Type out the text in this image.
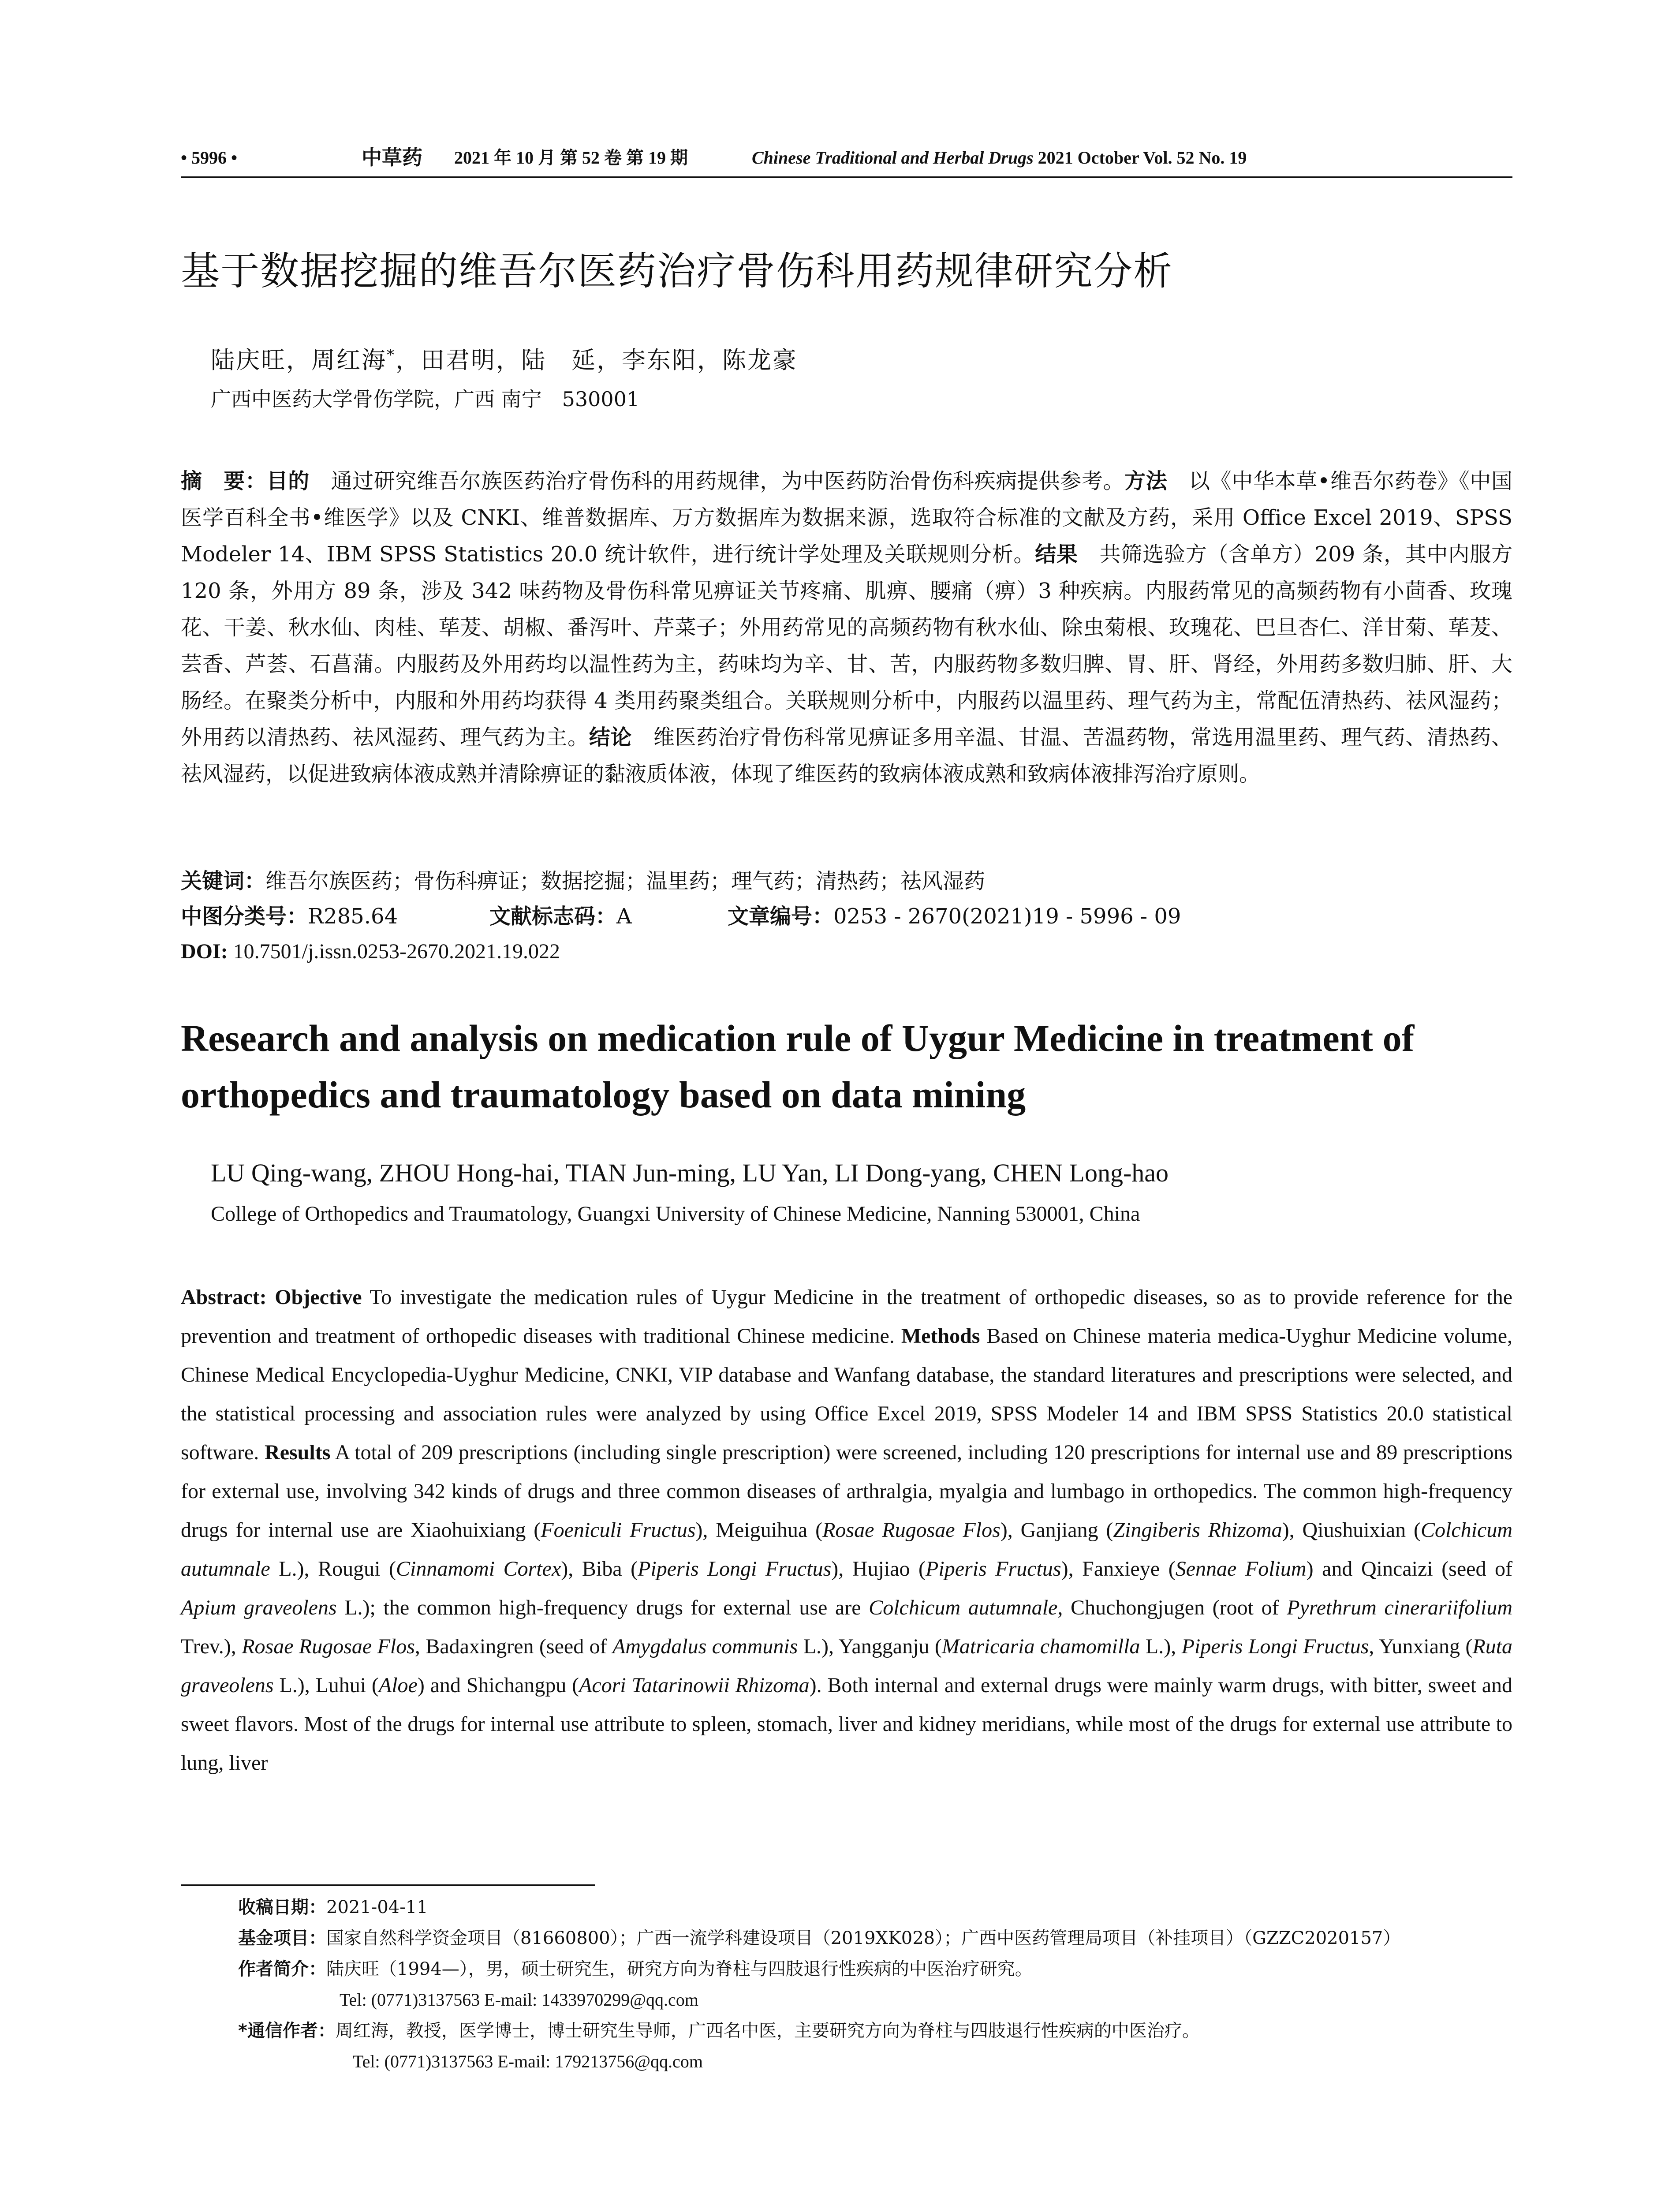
• 5996 •	中草药 2021 年 10 月 第 52 卷 第 19 期	Chinese Traditional and Herbal Drugs 2021 October Vol. 52 No. 19
基于数据挖掘的维吾尔医药治疗骨伤科用药规律研究分析
陆庆旺，周红海*，田君明，陆　延，李东阳，陈龙豪
广西中医药大学骨伤学院，广西 南宁　530001
摘　要：目的　通过研究维吾尔族医药治疗骨伤科的用药规律，为中医药防治骨伤科疾病提供参考。方法　以《中华本草•维吾尔药卷》《中国医学百科全书•维医学》以及 CNKI、维普数据库、万方数据库为数据来源，选取符合标准的文献及方药，采用 Office Excel 2019、SPSS Modeler 14、IBM SPSS Statistics 20.0 统计软件，进行统计学处理及关联规则分析。结果　共筛选验方（含单方）209 条，其中内服方 120 条，外用方 89 条，涉及 342 味药物及骨伤科常见痹证关节疼痛、肌痹、腰痛（痹）3 种疾病。内服药常见的高频药物有小茴香、玫瑰花、干姜、秋水仙、肉桂、荜茇、胡椒、番泻叶、芹菜子；外用药常见的高频药物有秋水仙、除虫菊根、玫瑰花、巴旦杏仁、洋甘菊、荜茇、芸香、芦荟、石菖蒲。内服药及外用药均以温性药为主，药味均为辛、甘、苦，内服药物多数归脾、胃、肝、肾经，外用药多数归肺、肝、大肠经。在聚类分析中，内服和外用药均获得 4 类用药聚类组合。关联规则分析中，内服药以温里药、理气药为主，常配伍清热药、祛风湿药；外用药以清热药、祛风湿药、理气药为主。结论　维医药治疗骨伤科常见痹证多用辛温、甘温、苦温药物，常选用温里药、理气药、清热药、祛风湿药，以促进致病体液成熟并清除痹证的黏液质体液，体现了维医药的致病体液成熟和致病体液排泻治疗原则。
关键词：维吾尔族医药；骨伤科痹证；数据挖掘；温里药；理气药；清热药；祛风湿药
中图分类号：R285.64	文献标志码：A	文章编号：0253 - 2670(2021)19 - 5996 - 09
DOI: 10.7501/j.issn.0253-2670.2021.19.022
Research and analysis on medication rule of Uygur Medicine in treatment of orthopedics and traumatology based on data mining
LU Qing-wang, ZHOU Hong-hai, TIAN Jun-ming, LU Yan, LI Dong-yang, CHEN Long-hao
College of Orthopedics and Traumatology, Guangxi University of Chinese Medicine, Nanning 530001, China
Abstract: Objective To investigate the medication rules of Uygur Medicine in the treatment of orthopedic diseases, so as to provide reference for the prevention and treatment of orthopedic diseases with traditional Chinese medicine. Methods Based on Chinese materia medica-Uyghur Medicine volume, Chinese Medical Encyclopedia-Uyghur Medicine, CNKI, VIP database and Wanfang database, the standard literatures and prescriptions were selected, and the statistical processing and association rules were analyzed by using Office Excel 2019, SPSS Modeler 14 and IBM SPSS Statistics 20.0 statistical software. Results A total of 209 prescriptions (including single prescription) were screened, including 120 prescriptions for internal use and 89 prescriptions for external use, involving 342 kinds of drugs and three common diseases of arthralgia, myalgia and lumbago in orthopedics. The common high-frequency drugs for internal use are Xiaohuixiang (Foeniculi Fructus), Meiguihua (Rosae Rugosae Flos), Ganjiang (Zingiberis Rhizoma), Qiushuixian (Colchicum autumnale L.), Rougui (Cinnamomi Cortex), Biba (Piperis Longi Fructus), Hujiao (Piperis Fructus), Fanxieye (Sennae Folium) and Qincaizi (seed of Apium graveolens L.); the common high-frequency drugs for external use are Colchicum autumnale, Chuchongjugen (root of Pyrethrum cinerariifolium Trev.), Rosae Rugosae Flos, Badaxingren (seed of Amygdalus communis L.), Yangganju (Matricaria chamomilla L.), Piperis Longi Fructus, Yunxiang (Ruta graveolens L.), Luhui (Aloe) and Shichangpu (Acori Tatarinowii Rhizoma). Both internal and external drugs were mainly warm drugs, with bitter, sweet and sweet flavors. Most of the drugs for internal use attribute to spleen, stomach, liver and kidney meridians, while most of the drugs for external use attribute to lung, liver
收稿日期：2021-04-11
基金项目：国家自然科学资金项目（81660800）；广西一流学科建设项目（2019XK028）；广西中医药管理局项目（补挂项目）（GZZC2020157）
作者简介：陆庆旺（1994—），男，硕士研究生，研究方向为脊柱与四肢退行性疾病的中医治疗研究。
Tel: (0771)3137563 E-mail: 1433970299@qq.com
*通信作者：周红海，教授，医学博士，博士研究生导师，广西名中医，主要研究方向为脊柱与四肢退行性疾病的中医治疗。
Tel: (0771)3137563 E-mail: 179213756@qq.com
